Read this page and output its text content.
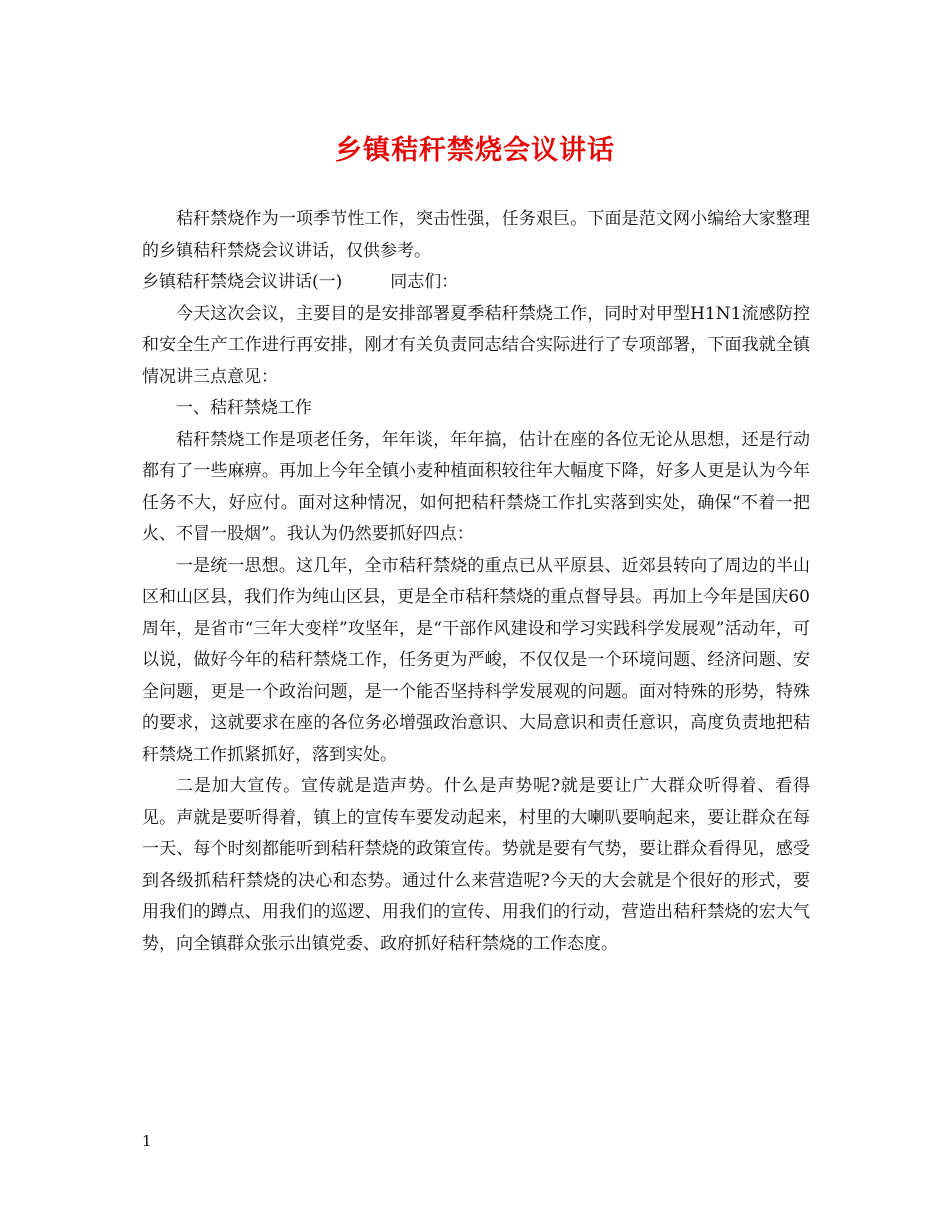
乡镇秸秆禁烧会议讲话

秸秆禁烧作为一项季节性工作，突击性强，任务艰巨。下面是范文网小编给大家整理的乡镇秸秆禁烧会议讲话，仅供参考。

乡镇秸秆禁烧会议讲话(一)	同志们：

今天这次会议，主要目的是安排部署夏季秸秆禁烧工作，同时对甲型H1N1流感防控和安全生产工作进行再安排，刚才有关负责同志结合实际进行了专项部署，下面我就全镇情况讲三点意见：

一、秸秆禁烧工作

秸秆禁烧工作是项老任务，年年谈，年年搞，估计在座的各位无论从思想，还是行动都有了一些麻痹。再加上今年全镇小麦种植面积较往年大幅度下降，好多人更是认为今年任务不大，好应付。面对这种情况，如何把秸秆禁烧工作扎实落到实处，确保“不着一把火、不冒一股烟”。我认为仍然要抓好四点：

一是统一思想。这几年，全市秸秆禁烧的重点已从平原县、近郊县转向了周边的半山区和山区县，我们作为纯山区县，更是全市秸秆禁烧的重点督导县。再加上今年是国庆60周年，是省市“三年大变样”攻坚年，是“干部作风建设和学习实践科学发展观”活动年，可以说，做好今年的秸秆禁烧工作，任务更为严峻，不仅仅是一个环境问题、经济问题、安全问题，更是一个政治问题，是一个能否坚持科学发展观的问题。面对特殊的形势，特殊的要求，这就要求在座的各位务必增强政治意识、大局意识和责任意识，高度负责地把秸秆禁烧工作抓紧抓好，落到实处。

二是加大宣传。宣传就是造声势。什么是声势呢?就是要让广大群众听得着、看得见。声就是要听得着，镇上的宣传车要发动起来，村里的大喇叭要响起来，要让群众在每一天、每个时刻都能听到秸秆禁烧的政策宣传。势就是要有气势，要让群众看得见，感受到各级抓秸秆禁烧的决心和态势。通过什么来营造呢?今天的大会就是个很好的形式，要用我们的蹲点、用我们的巡逻、用我们的宣传、用我们的行动，营造出秸秆禁烧的宏大气势，向全镇群众张示出镇党委、政府抓好秸秆禁烧的工作态度。

1
